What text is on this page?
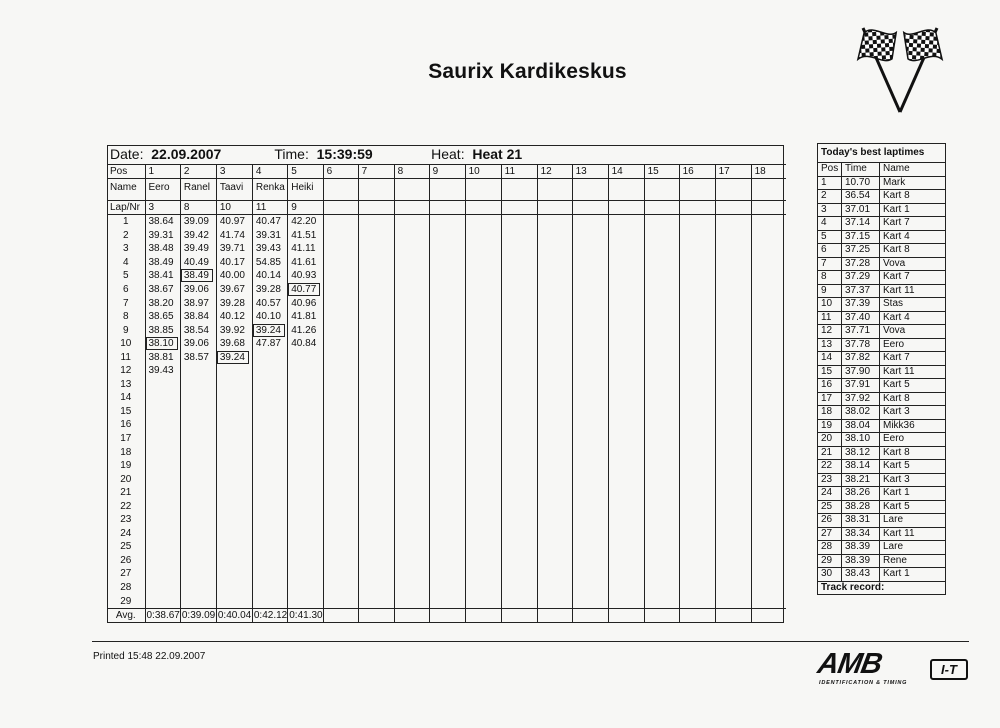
Saurix Kardikeskus
Date: 22.09.2007				Time: 15:39:59					Heat: Heat 21									
Pos	1	2	3	4	5	6	7	8	9	10	11	12	13	14	15	16	17	18
Name	Eero	Ranel	Taavi	Renka	Heiki													
Lap/Nr	3	8	10	11	9													
1	38.64	39.09	40.97	40.47	42.20													
2	39.31	39.42	41.74	39.31	41.51													
3	38.48	39.49	39.71	39.43	41.11													
4	38.49	40.49	40.17	54.85	41.61													
5	38.41	38.49	40.00	40.14	40.93													
6	38.67	39.06	39.67	39.28	40.77													
7	38.20	38.97	39.28	40.57	40.96													
8	38.65	38.84	40.12	40.10	41.81													
9	38.85	38.54	39.92	39.24	41.26													
10	38.10	39.06	39.68	47.87	40.84													
11	38.81	38.57	39.24															
12	39.43																	
13																		
14																		
15																		
16																		
17																		
18																		
19																		
20																		
21																		
22																		
23																		
24																		
25																		
26																		
27																		
28																		
29																		
Avg.	0:38.67	0:39.09	0:40.04	0:42.12	0:41.30													
Today's best laptimes		
Pos	Time	Name
1	10.70	Mark
2	36.54	Kart 8
3	37.01	Kart 1
4	37.14	Kart 7
5	37.15	Kart 4
6	37.25	Kart 8
7	37.28	Vova
8	37.29	Kart 7
9	37.37	Kart 11
10	37.39	Stas
11	37.40	Kart 4
12	37.71	Vova
13	37.78	Eero
14	37.82	Kart 7
15	37.90	Kart 11
16	37.91	Kart 5
17	37.92	Kart 8
18	38.02	Kart 3
19	38.04	Mikk36
20	38.10	Eero
21	38.12	Kart 8
22	38.14	Kart 5
23	38.21	Kart 3
24	38.26	Kart 1
25	38.28	Kart 5
26	38.31	Lare
27	38.34	Kart 11
28	38.39	Lare
29	38.39	Rene
30	38.43	Kart 1
Track record:		
Printed 15:48 22.09.2007	AMB	I-T
IDENTIFICATION & TIMING
